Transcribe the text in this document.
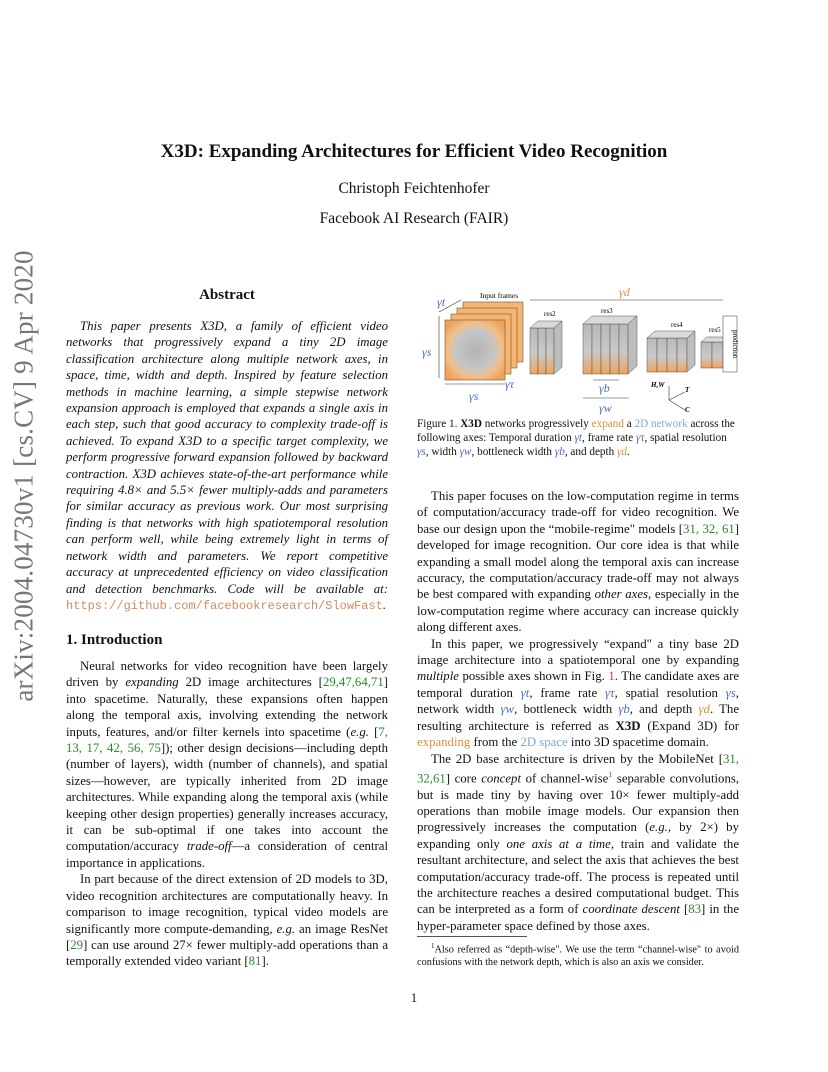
arXiv:2004.04730v1 [cs.CV] 9 Apr 2020
X3D: Expanding Architectures for Efficient Video Recognition
Christoph Feichtenhofer
Facebook AI Research (FAIR)
Abstract

This paper presents X3D, a family of efficient video networks that progressively expand a tiny 2D image classification architecture along multiple network axes, in space, time, width and depth. Inspired by feature selection methods in machine learning, a simple stepwise network expansion approach is employed that expands a single axis in each step, such that good accuracy to complexity trade-off is achieved. To expand X3D to a specific target complexity, we perform progressive forward expansion followed by backward contraction. X3D achieves state-of-the-art performance while requiring 4.8× and 5.5× fewer multiply-adds and parameters for similar accuracy as previous work. Our most surprising finding is that networks with high spatiotemporal resolution can perform well, while being extremely light in terms of network width and parameters. We report competitive accuracy at unprecedented efficiency on video classification and detection benchmarks. Code will be available at: https://github.com/facebookresearch/SlowFast.

1. Introduction

Neural networks for video recognition have been largely driven by expanding 2D image architectures [29,47,64,71] into spacetime. Naturally, these expansions often happen along the temporal axis, involving extending the network inputs, features, and/or filter kernels into spacetime (e.g. [7, 13, 17, 42, 56, 75]); other design decisions—including depth (number of layers), width (number of channels), and spatial sizes—however, are typically inherited from 2D image architectures. While expanding along the temporal axis (while keeping other design properties) generally increases accuracy, it can be sub-optimal if one takes into account the computation/accuracy trade-off—a consideration of central importance in applications.

In part because of the direct extension of 2D models to 3D, video recognition architectures are computationally heavy. In comparison to image recognition, typical video models are significantly more compute-demanding, e.g. an image ResNet [29] can use around 27× fewer multiply-add operations than a temporally extended video variant [81].

Input frames
γt
γs
γs
γτ
res2	res3
res4
res5 prediction
γd
γb
γw
H,W
T
C
Figure 1. X3D networks progressively expand a 2D network across the following axes: Temporal duration γt, frame rate γτ, spatial resolution γs, width γw, bottleneck width γb, and depth γd.

This paper focuses on the low-computation regime in terms of computation/accuracy trade-off for video recognition. We base our design upon the “mobile-regime" models [31, 32, 61] developed for image recognition. Our core idea is that while expanding a small model along the temporal axis can increase accuracy, the computation/accuracy trade-off may not always be best compared with expanding other axes, especially in the low-computation regime where accuracy can increase quickly along different axes.

In this paper, we progressively “expand" a tiny base 2D image architecture into a spatiotemporal one by expanding multiple possible axes shown in Fig. 1. The candidate axes are temporal duration γt, frame rate γτ, spatial resolution γs, network width γw, bottleneck width γb, and depth γd. The resulting architecture is referred as X3D (Expand 3D) for expanding from the 2D space into 3D spacetime domain.

The 2D base architecture is driven by the MobileNet [31, 32,61] core concept of channel-wise$^1$ separable convolutions, but is made tiny by having over 10× fewer multiply-add operations than mobile image models. Our expansion then progressively increases the computation (e.g., by 2×) by expanding only one axis at a time, train and validate the resultant architecture, and select the axis that achieves the best computation/accuracy trade-off. The process is repeated until the architecture reaches a desired computational budget. This can be interpreted as a form of coordinate descent [83] in the hyper-parameter space defined by those axes.

$^1$Also referred as “depth-wise". We use the term “channel-wise" to avoid confusions with the network depth, which is also an axis we consider.
1
